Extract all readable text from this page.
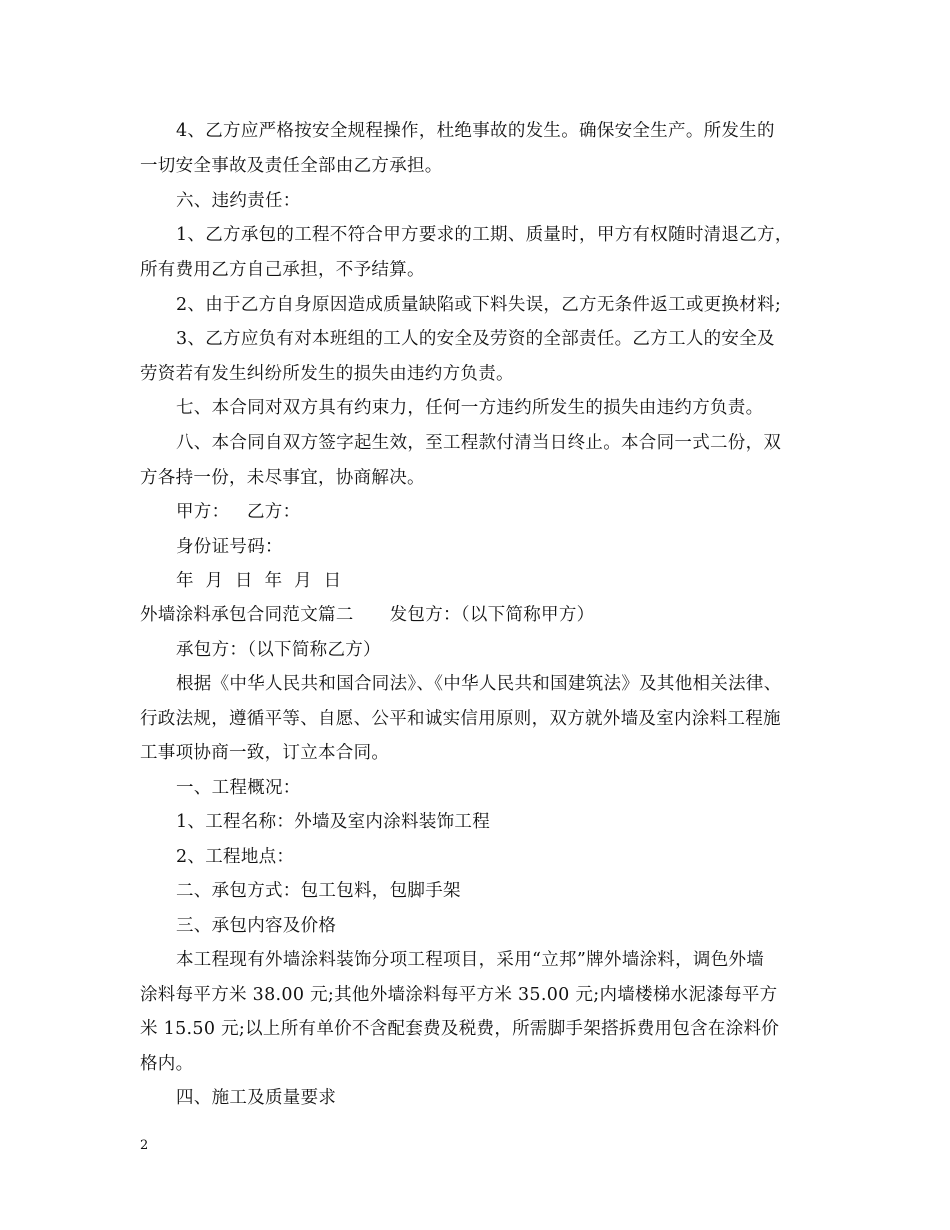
4、乙方应严格按安全规程操作，杜绝事故的发生。确保安全生产。所发生的
一切安全事故及责任全部由乙方承担。
六、违约责任：
1、乙方承包的工程不符合甲方要求的工期、质量时，甲方有权随时清退乙方，
所有费用乙方自己承担，不予结算。
2、由于乙方自身原因造成质量缺陷或下料失误，乙方无条件返工或更换材料;
3、乙方应负有对本班组的工人的安全及劳资的全部责任。乙方工人的安全及
劳资若有发生纠纷所发生的损失由违约方负责。
七、本合同对双方具有约束力，任何一方违约所发生的损失由违约方负责。
八、本合同自双方签字起生效，至工程款付清当日终止。本合同一式二份，双
方各持一份，未尽事宜，协商解决。
甲方：   乙方：
身份证号码：
年  月  日  年  月  日
外墙涂料承包合同范文篇二 发包方：（以下简称甲方）
承包方：（以下简称乙方）
根据《中华人民共和国合同法》、《中华人民共和国建筑法》及其他相关法律、
行政法规，遵循平等、自愿、公平和诚实信用原则，双方就外墙及室内涂料工程施
工事项协商一致，订立本合同。
一、工程概况：
1、工程名称：外墙及室内涂料装饰工程
2、工程地点：
二、承包方式：包工包料，包脚手架
三、承包内容及价格
本工程现有外墙涂料装饰分项工程项目，采用“立邦”牌外墙涂料，调色外墙
涂料每平方米 38.00 元;其他外墙涂料每平方米 35.00 元;内墙楼梯水泥漆每平方
米 15.50 元;以上所有单价不含配套费及税费，所需脚手架搭拆费用包含在涂料价
格内。
四、施工及质量要求
2
